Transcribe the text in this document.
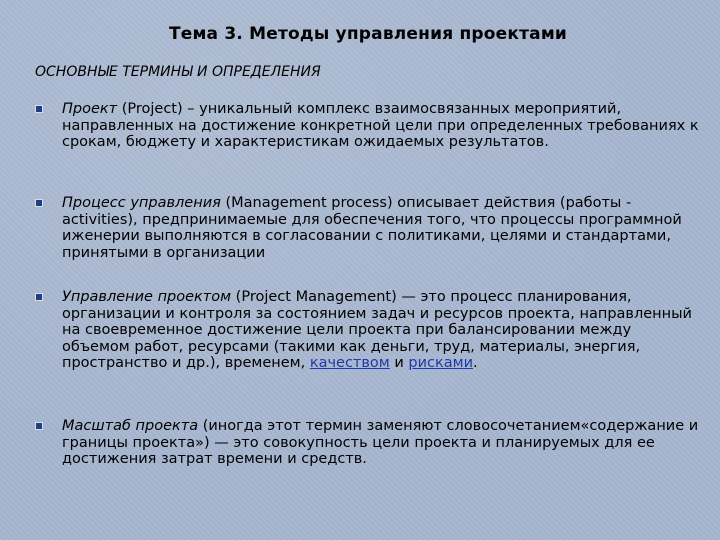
Тема 3. Методы управления проектами
ОСНОВНЫЕ ТЕРМИНЫ И ОПРЕДЕЛЕНИЯ
Проект (Project) – уникальный комплекс взаимосвязанных мероприятий, направленных на достижение конкретной цели при определенных требованиях к срокам, бюджету и характеристикам ожидаемых результатов.
Процесс управления (Management process) описывает действия (работы - activities), предпринимаемые для обеспечения того, что процессы программной иженерии выполняются в согласовании с политиками, целями и стандартами, принятыми в организации
Управление проектом (Project Management) — это процесс планирования, организации и контроля за состоянием задач и ресурсов проекта, направленный на своевременное достижение цели проекта при балансировании между объемом работ, ресурсами (такими как деньги, труд, материалы, энергия, пространство и др.), временем, качеством и рисками.
Масштаб проекта (иногда этот термин заменяют словосочетанием«содержание и границы проекта») — это совокупность цели проекта и планируемых для ее достижения затрат времени и средств.
